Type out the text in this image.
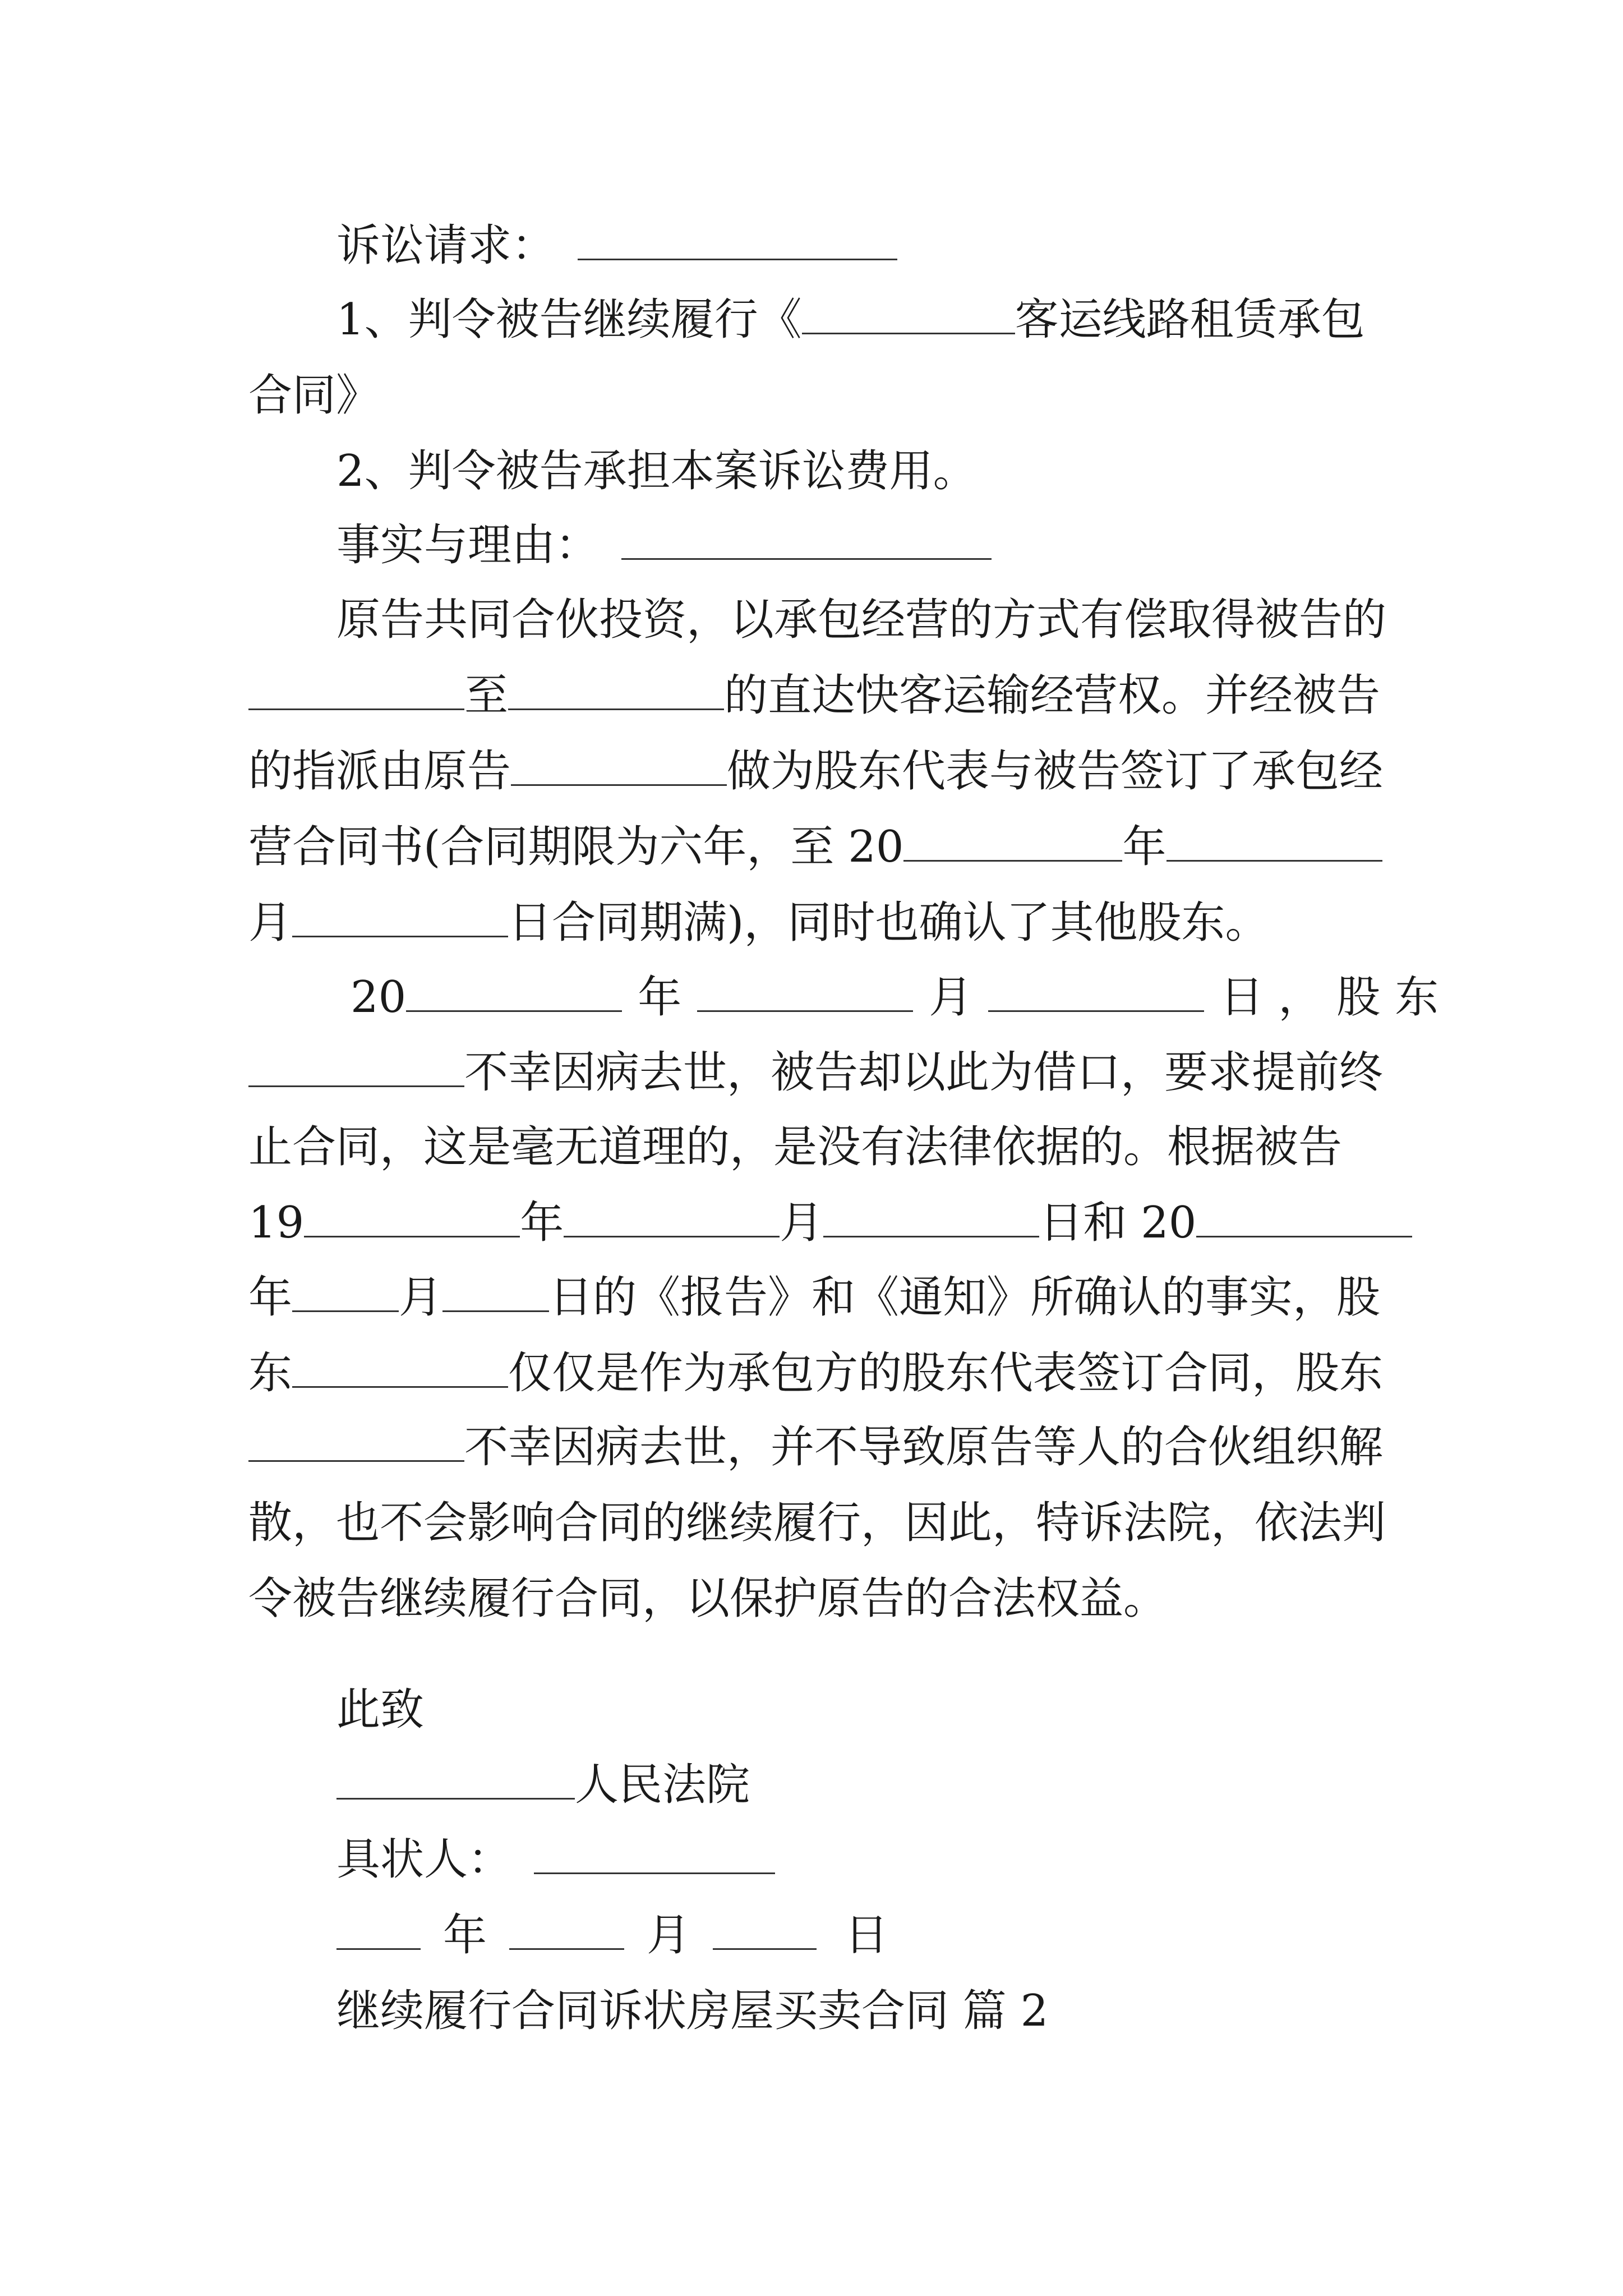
诉讼请求：
1、判令被告继续履行《	客运线路租赁承包
合同》
2、判令被告承担本案诉讼费用。
事实与理由：
原告共同合伙投资，以承包经营的方式有偿取得被告的
至	的直达快客运输经营权。并经被告
的指派由原告	做为股东代表与被告签订了承包经
营合同书(合同期限为六年，至 20	年
月	日合同期满)，同时也确认了其他股东。
20	年	月	日，股东
不幸因病去世，被告却以此为借口，要求提前终
止合同，这是毫无道理的，是没有法律依据的。根据被告
19	年	月	日和 20
年 月 日的《报告》和《通知》所确认的事实，股
东	仅仅是作为承包方的股东代表签订合同，股东
不幸因病去世，并不导致原告等人的合伙组织解
散，也不会影响合同的继续履行，因此，特诉法院，依法判
令被告继续履行合同，以保护原告的合法权益。
此致
人民法院
具状人：
年	月	日
继续履行合同诉状房屋买卖合同 篇 2
